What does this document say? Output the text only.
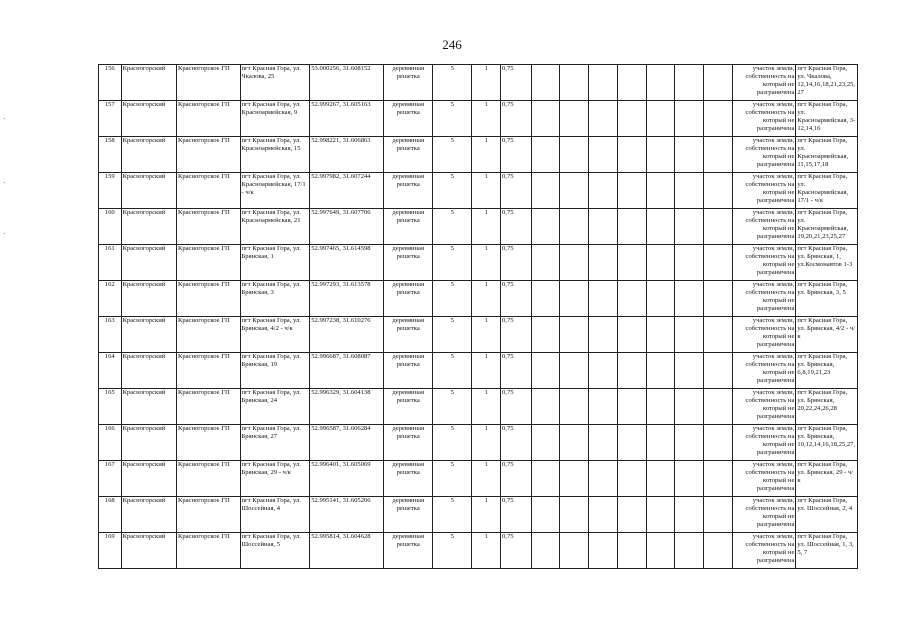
246
156	Красногорский	Красногорское ГП	пгт Красная Гора, ул. Чкалова, 25	53.000256, 31.608152	деревянная решетка	5	1	0,75								участок земли, собственность на который не разграничена	пгт Красная Гора, ул. Чкалова, 12,14,16,18,21,23,25, 27
157	Красногорский	Красногорское ГП	пгт Красная Гора, ул. Красноармейская, 9	52.999267, 31.605163	деревянная решетка	5	1	0,75								участок земли, собственность на который не разграничена	пгт Красная Гора, ул. Красноармейская, 3-12,14,16
158	Красногорский	Красногорское ГП	пгт Красная Гора, ул. Красноармейская, 15	52.998221, 31.606863	деревянная решетка	5	1	0,75								участок земли, собственность на который не разграничена	пгт Красная Гора, ул. Красноармейская, 11,15,17,18
159	Красногорский	Красногорское ГП	пгт Красная Гора, ул. Красноармейская, 17/1 - ч/к	52.997982, 31.607244	деревянная решетка	5	1	0,75								участок земли, собственность на который не разграничена	пгт Красная Гора, ул. Красноармейская, 17/1 - ч/к
160	Красногорский	Красногорское ГП	пгт Красная Гора, ул. Красноармейская, 21	52.997649, 31.607706	деревянная решетка	5	1	0,75								участок земли, собственность на который не разграничена	пгт Красная Гора, ул. Красноармейская, 19,20,21,23,25,27
161	Красногорский	Красногорское ГП	пгт Красная Гора, ул. Брянская, 1	52.997465, 31.614598	деревянная решетка	5	1	0,75								участок земли, собственность на который не разграничена	пгт Красная Гора, ул. Брянская, 1, ул.Космонавтов 1-3
162	Красногорский	Красногорское ГП	пгт Красная Гора, ул. Брянская, 3	52.997293, 31.613578	деревянная решетка	5	1	0,75								участок земли, собственность на который не разграничена	пгт Красная Гора, ул. Брянская, 3, 5
163	Красногорский	Красногорское ГП	пгт Красная Гора, ул. Брянская, 4/2 - ч/к	52.997238, 31.610276	деревянная решетка	5	1	0,75								участок земли, собственность на который не разграничена	пгт Красная Гора, ул. Брянская, 4/2 - ч/к
164	Красногорский	Красногорское ГП	пгт Красная Гора, ул. Брянская, 19	52.996687, 31.608087	деревянная решетка	5	1	0,75								участок земли, собственность на который не разграничена	пгт Красная Гора, ул. Брянская, 6,8,19,21,23
165	Красногорский	Красногорское ГП	пгт Красная Гора, ул. Брянская, 24	52.996329, 31.604138	деревянная решетка	5	1	0,75								участок земли, собственность на который не разграничена	пгт Красная Гора, ул. Брянская, 20,22,24,26,28
166	Красногорский	Красногорское ГП	пгт Красная Гора, ул. Брянская, 27	52.996587, 31.606284	деревянная решетка	5	1	0,75								участок земли, собственность на который не разграничена	пгт Красная Гора, ул. Брянская, 10,12,14,16,18,25,27,
167	Красногорский	Красногорское ГП	пгт Красная Гора, ул. Брянская, 29 - ч/к	52.996401, 31.605069	деревянная решетка	5	1	0,75								участок земли, собственность на который не разграничена	пгт Красная Гора, ул. Брянская, 29 - ч/к
168	Красногорский	Красногорское ГП	пгт Красная Гора, ул. Шоссейная, 4	52.995141, 31.605206	деревянная решетка	5	1	0,75								участок земли, собственность на который не разграничена	пгт Красная Гора, ул. Шоссейная, 2, 4
169	Красногорский	Красногорское ГП	пгт Красная Гора, ул. Шоссейная, 5	52.995814, 31.604628	деревянная решетка	5	1	0,75								участок земли, собственность на который не разграничена	пгт Красная Гора, ул. Шоссейная, 1, 3, 5, 7
